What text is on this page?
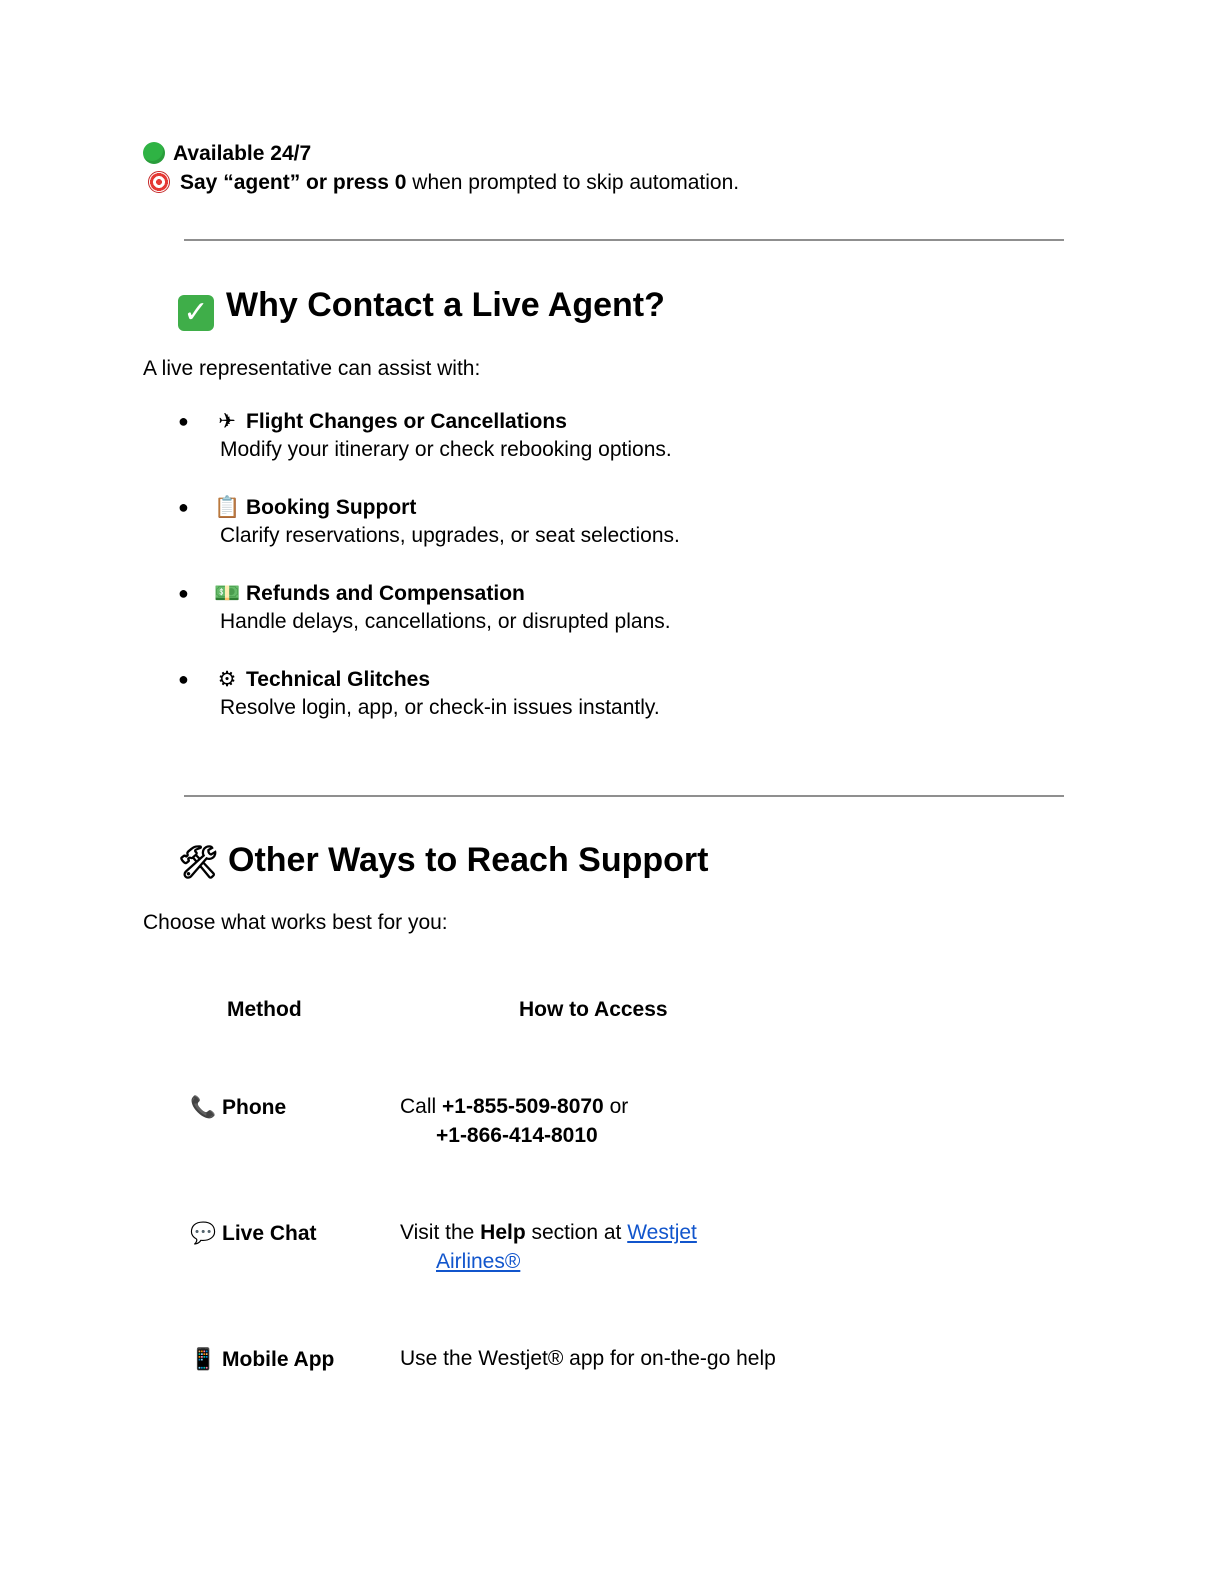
Available 24/7
Say “agent” or press 0 when prompted to skip automation.
✓ Why Contact a Live Agent?
A live representative can assist with:
● ✈ Flight Changes or Cancellations
Modify your itinerary or check rebooking options.
● 📋 Booking Support
Clarify reservations, upgrades, or seat selections.
● 💵 Refunds and Compensation
Handle delays, cancellations, or disrupted plans.
● ⚙ Technical Glitches
Resolve login, app, or check-in issues instantly.
🛠 Other Ways to Reach Support
Choose what works best for you:
Method	How to Access
📞 Phone	Call +1-855-509-8070 or
+1-866-414-8010
💬 Live Chat	Visit the Help section at Westjet
Airlines®
📱 Mobile App	Use the Westjet® app for on-the-go help
